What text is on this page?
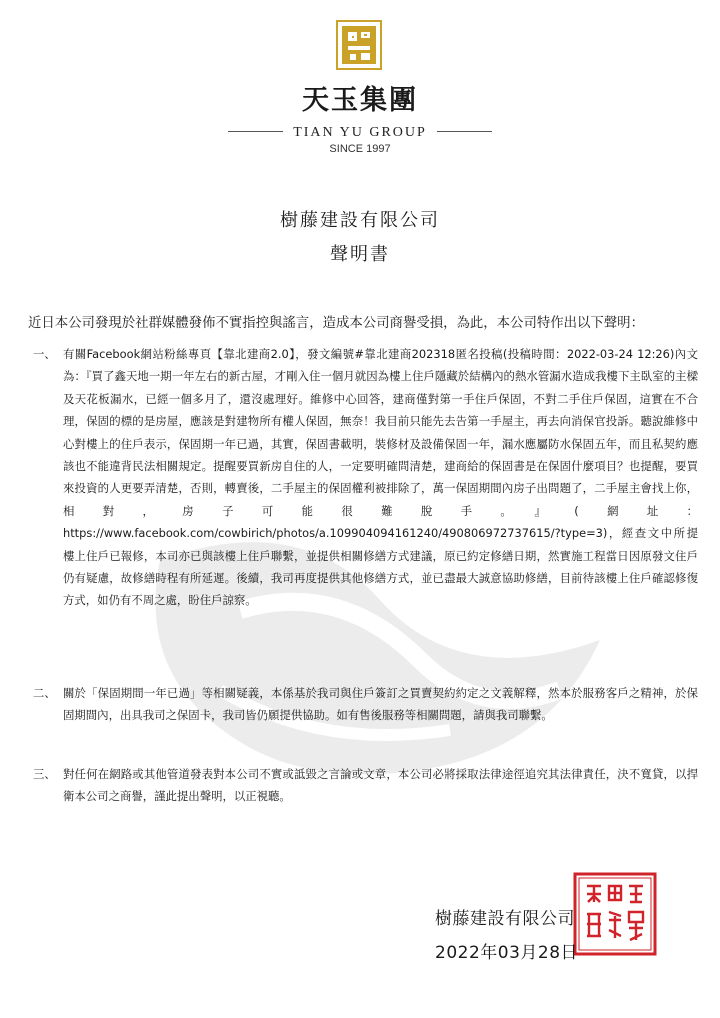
天玉集團
TIAN YU GROUP
SINCE 1997
樹藤建設有限公司
聲明書
近日本公司發現於社群媒體發佈不實指控與謠言，造成本公司商譽受損，為此，本公司特作出以下聲明：
一、 有關Facebook網站粉絲專頁【靠北建商2.0】，發文編號#靠北建商202318匿名投稿(投稿時間：2022-03-24 12:26)內文為：『買了鑫天地一期一年左右的新古屋，才剛入住一個月就因為樓上住戶隱藏於結構內的熱水管漏水造成我樓下主臥室的主樑及天花板漏水，已經一個多月了，還沒處理好。維修中心回答，建商僅對第一手住戶保固，不對二手住戶保固，這實在不合理，保固的標的是房屋，應該是對建物所有權人保固，無奈！我目前只能先去告第一手屋主，再去向消保官投訴。聽說維修中心對樓上的住戶表示，保固期一年已過，其實，保固書載明，裝修材及設備保固一年，漏水應屬防水保固五年，而且私契約應該也不能違背民法相關規定。提醒要買新房自住的人，一定要明確問清楚，建商給的保固書是在保固什麼項目？也提醒，要買來投資的人更要弄清楚，否則，轉賣後，二手屋主的保固權利被排除了，萬一保固期間內房子出問題了，二手屋主會找上你，相對，房子可能很難脫手。』(網址：https://www.facebook.com/cowbirich/photos/a.109904094161240/490806972737615/?type=3)，經查文中所提樓上住戶已報修，本司亦已與該樓上住戶聯繫，並提供相關修繕方式建議，原已約定修繕日期，然實施工程當日因原發文住戶仍有疑慮，故修繕時程有所延遲。後續，我司再度提供其他修繕方式，並已盡最大誠意協助修繕，目前待該樓上住戶確認修復方式，如仍有不周之處，盼住戶諒察。
二、 關於「保固期間一年已過」等相關疑義，本係基於我司與住戶簽訂之買賣契約約定之文義解釋，然本於服務客戶之精神，於保固期間內，出具我司之保固卡，我司皆仍願提供協助。如有售後服務等相關問題，請與我司聯繫。
三、 對任何在網路或其他管道發表對本公司不實或詆毀之言論或文章，本公司必將採取法律途徑追究其法律責任，決不寬貸，以捍衛本公司之商譽，謹此提出聲明，以正視聽。
樹藤建設有限公司
2022年03月28日
